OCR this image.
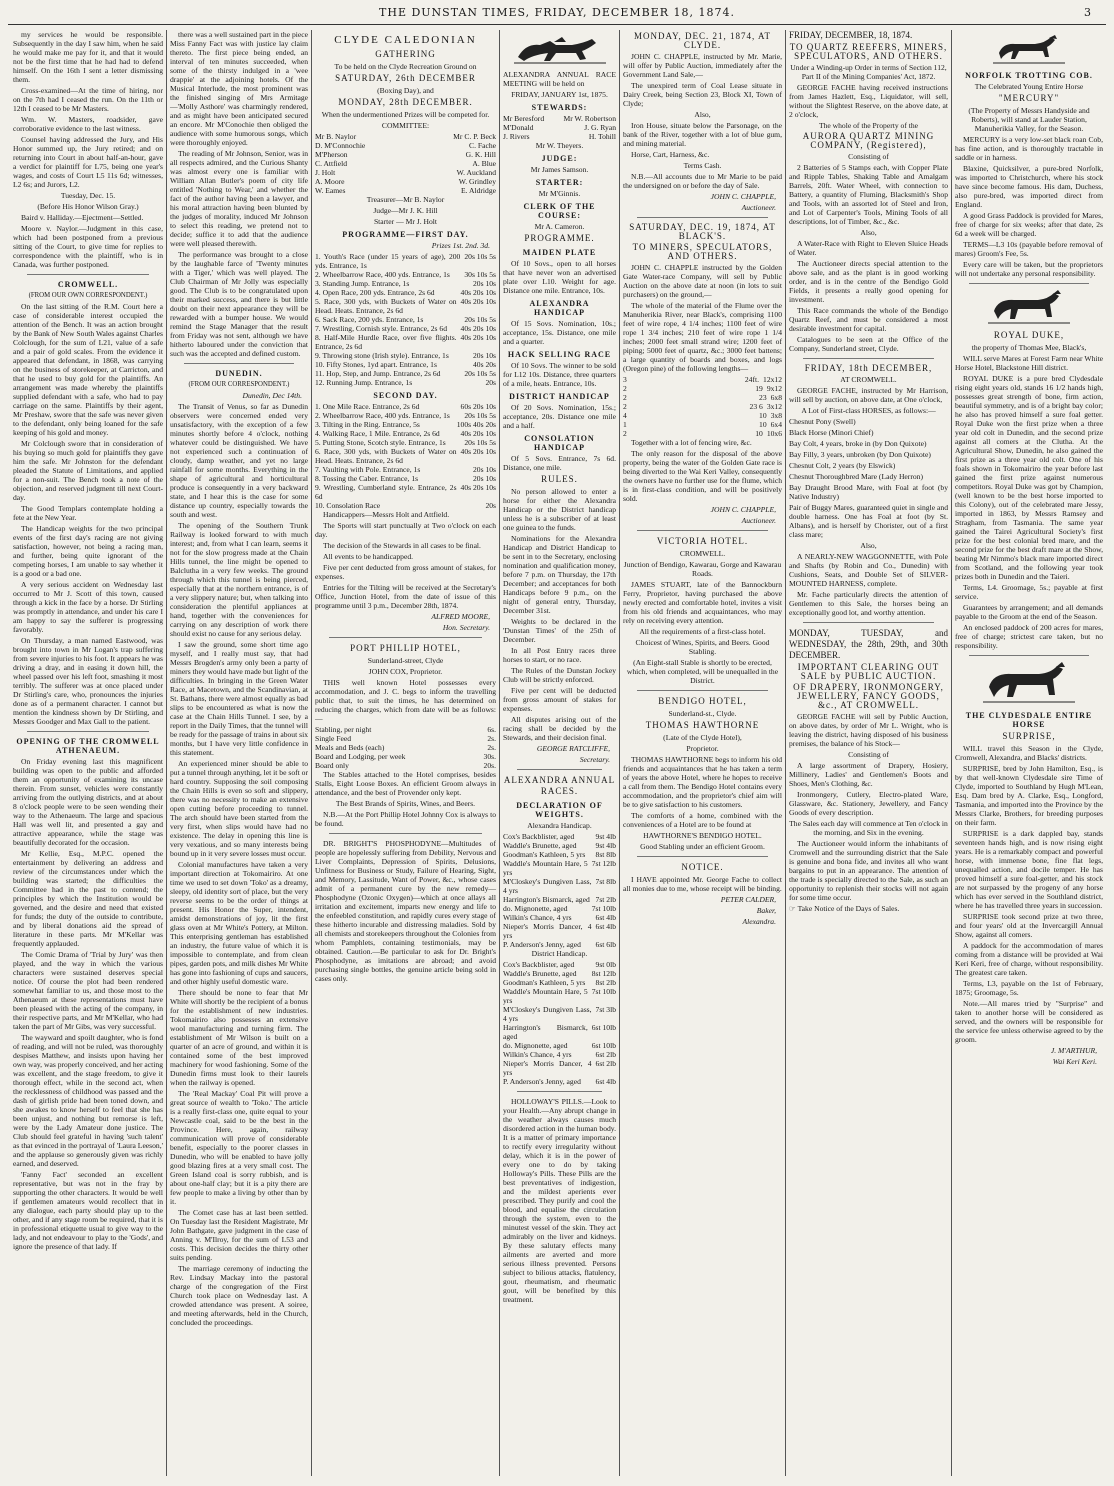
THE DUNSTAN TIMES, FRIDAY, DECEMBER 18, 1874.	3

my services he would be responsible. Subsequently in the day I saw him, when he said he would make me pay for it, and that it would not be the first time that he had had to defend himself. On the 16th I sent a letter dismissing them.

Cross-examined—At the time of hiring, nor on the 7th had I ceased the run. On the 11th or 12th I ceased to be Mr Masters.

Wm. W. Masters, roadsider, gave corroborative evidence to the last witness.

Counsel having addressed the Jury, and His Honor summed up, the Jury retired; and on returning into Court in about half-an-hour, gave a verdict for plaintiff for L75, being one year's wages, and costs of Court L5 11s 6d; witnesses, L2 6s; and Jurors, L2.

Tuesday, Dec. 15.

(Before His Honor Wilson Gray.)

Baird v. Halliday.—Ejectment—Settled.

Moore v. Naylor.—Judgment in this case, which had been postponed from a previous sitting of the Court, to give time for replies to correspondence with the plaintiff, who is in Canada, was further postponed.

CROMWELL.

(FROM OUR OWN CORRESPONDENT.)

On the last sitting of the R.M. Court here a case of considerable interest occupied the attention of the Bench. It was an action brought by the Bank of New South Wales against Charles Colclough, for the sum of L21, value of a safe and a pair of gold scales. From the evidence it appeared that defendant, in 1868, was carrying on the business of storekeeper, at Carricton, and that he used to buy gold for the plaintiffs. An arrangement was made whereby the plaintiffs supplied defendant with a safe, who had to pay carriage on the same. Plaintiffs by their agent, Mr Preshaw, swore that the safe was never given to the defendant, only being loaned for the safe keeping of his gold and money.

Mr Colclough swore that in consideration of his buying so much gold for plaintiffs they gave him the safe. Mr Johnston for the defendant pleaded the Statute of Limitations, and applied for a non-suit. The Bench took a note of the objection, and reserved judgment till next Court-day.

The Good Templars contemplate holding a fete at the New Year.

The Handicap weights for the two principal events of the first day's racing are not giving satisfaction, however, not being a racing man, and further, being quite ignorant of the competing horses, I am unable to say whether it is a good or a bad one.

A very serious accident on Wednesday last occurred to Mr J. Scott of this town, caused through a kick in the face by a horse. Dr Stirling was promptly in attendance, and under his care I am happy to say the sufferer is progressing favorably.

On Thursday, a man named Eastwood, was brought into town in Mr Logan's trap suffering from severe injuries to his foot. It appears he was driving a dray, and in easing it down hill, the wheel passed over his left foot, smashing it most terribly. The sufferer was at once placed under Dr Stirling's care, who, pronounces the injuries done as of a permanent character. I cannot but mention the kindness shown by Dr Stirling, and Messrs Goodger and Max Gall to the patient.

OPENING OF THE CROMWELL ATHENAEUM.

On Friday evening last this magnificent building was open to the public and afforded them an opportunity of examining its uncase therein. From sunset, vehicles were constantly arriving from the outlying districts, and at about 8 o'clock people were to be seen wending their way to the Athenaeum. The large and spacious Hall was well lit, and presented a gay and attractive appearance, while the stage was beautifully decorated for the occasion.

Mr Kellie, Esq., M.P.C. opened the entertainment by delivering an address and review of the circumstances under which the building was started; the difficulties the Committee had in the past to contend; the principles by which the Institution would be governed, and the desire and need that existed for funds; the duty of the outside to contribute, and by liberal donations aid the spread of literature in these parts. Mr M'Kellar was frequently applauded.

The Comic Drama of 'Trial by Jury' was then played, and the way in which the various characters were sustained deserves special notice. Of course the plot had been rendered somewhat familiar to us, and those most to the Athenaeum at these representations must have been pleased with the acting of the company, in their respective parts, and Mr M'Kellar, who had taken the part of Mr Gibs, was very successful.

The wayward and spoilt daughter, who is fond of reading, and will not be ruled, was thoroughly despises Matthew, and insists upon having her own way, was properly conceived, and her acting was excellent, and the stage freedom, to give it thorough effect, while in the second act, when the recklessness of childhood was passed and the dash of girlish pride had been toned down, and she awakes to know herself to feel that she has been unjust, and nothing but remorse is left, were by the Lady Amateur done justice. The Club should feel grateful in having 'such talent' as that evinced in the portrayal of 'Laura Leeson,' and the applause so generously given was richly earned, and deserved.

'Fanny Fact' seconded an excellent representative, but was not in the fray by supporting the other characters. It would be well if gentlemen amateurs would recollect that in any dialogue, each party should play up to the other, and if any stage room be required, that it is in professional etiquette usual to give way to the lady, and not endeavour to play to the 'Gods', and ignore the presence of that lady. If

there was a well sustained part in the piece Miss Fanny Fact was with justice lay claim thereto. The first piece being ended, an interval of ten minutes succeeded, when some of the thirsty indulged in a 'wee drappie' at the adjoining hotels. Of the Musical Interlude, the most prominent was the finished singing of Mrs Armitage—'Molly Asthore' was charmingly rendered, and as might have been anticipated secured an encore. Mr M'Conochie then obliged the audience with some humorous songs, which were thoroughly enjoyed.

The reading of Mr Johnson, Senior, was in all respects admired, and the Curious Shanty was almost every one is familiar with William Allan Butler's poem of city life entitled 'Nothing to Wear,' and whether the fact of the author having been a lawyer, and his moral attraction having been blunted by the judges of morality, induced Mr Johnson to select this reading, we pretend not to decide; suffice it to add that the audience were well pleased therewith.

The performance was brought to a close by the laughable farce of 'Twenty minutes with a Tiger,' which was well played. The Club Chairman of Mr Jolly was especially good. The Club is to be congratulated upon their marked success, and there is but little doubt on their next appearance they will be rewarded with a bumper house. We would remind the Stage Manager that the result from Friday was not sent, although we have hitherto laboured under the conviction that such was the accepted and defined custom.

DUNEDIN.

(FROM OUR CORRESPONDENT.)

Dunedin, Dec 14th.

The Transit of Venus, so far as Dunedin observers were concerned ended very unsatisfactory, with the exception of a few minutes shortly before 4 o'clock, nothing whatever could be distinguished. We have not experienced such a continuation of cloudy, damp weather, and yet no large rainfall for some months. Everything in the shape of agricultural and horticultural produce is consequently in a very backward state, and I hear this is the case for some distance up country, especially towards the south and west.

The opening of the Southern Trunk Railway is looked forward to with much interest; and, from what I can learn, seems it not for the slow progress made at the Chain Hills tunnel, the line might be opened to Balclutha in a very few weeks. The ground through which this tunnel is being pierced, especially that at the northern entrance, is of a very slippery nature; but, when talking into consideration the plentiful appliances at hand, together with the conveniences for carrying on any description of work there should exist no cause for any serious delay.

I saw the ground, some short time ago myself, and I really must say, that had Messrs Brogden's army only been a party of miners they would have made but light of the difficulties. In bringing in the Green Water Race, at Macetown, and the Scandinavian, at St. Bathans, there were almost equally as bad slips to be encountered as what is now the case at the Chain Hills Tunnel. I see, by a report in the Daily Times, that the tunnel will be ready for the passage of trains in about six months, but I have very little confidence in this statement.

An experienced miner should be able to put a tunnel through anything, let it be soft or hard country. Supposing the soil composing the Chain Hills is even so soft and slippery, there was no necessity to make an extensive open cutting before proceeding to tunnel. The arch should have been started from the very first, when slips would have had no existence. The delay in opening this line is very vexatious, and so many interests being bound up in it very severe losses must occur.

Colonial manufactures have taken a very important direction at Tokomairiro. At one time we used to set down 'Toko' as a dreamy, sleepy, old identity sort of place, but the very reverse seems to be the order of things at present. His Honor the Super, intendent, amidst demonstrations of joy, lit the first glass oven at Mr White's Pottery, at Milton. This enterprising gentleman has established an industry, the future value of which it is impossible to contemplate, and from clean pipes, garden pots, and milk dishes Mr White has gone into fashioning of cups and saucers, and other highly useful domestic ware.

There should be none to fear that Mr White will shortly be the recipient of a bonus for the establishment of new industries. Tokomairiro also possesses an extensive wool manufacturing and turning firm. The establishment of Mr Wilson is built on a quarter of an acre of ground, and within it is contained some of the best improved machinery for wood fashioning. Some of the Dunedin firms must look to their laurels when the railway is opened.

The 'Real Mackay' Coal Pit will prove a great source of wealth to 'Toko.' The article is a really first-class one, quite equal to your Newcastle coal, said to be the best in the Province. Here, again, railway communication will prove of considerable benefit, especially to the poorer classes in Dunedin, who will be enabled to have jolly good blazing fires at a very small cost. The Green Island coal is sorry rubbish, and is about one-half clay; but it is a pity there are few people to make a living by other than by it.

The Comet case has at last been settled. On Tuesday last the Resident Magistrate, Mr John Bathgate, gave judgment in the case of Anning v. M'Ilroy, for the sum of L53 and costs. This decision decides the thirty other suits pending.

The marriage ceremony of inducting the Rev. Lindsay Mackay into the pastoral charge of the congregation of the First Church took place on Wednesday last. A crowded attendance was present. A soiree, and meeting afterwards, held in the Church, concluded the proceedings.

CLYDE CALEDONIAN

GATHERING

To be held on the Clyde Recreation Ground on

SATURDAY, 26th DECEMBER

(Boxing Day), and

MONDAY, 28th DECEMBER.

When the undermentioned Prizes will be competed for.

COMMITTEE:

Mr B. Naylor	Mr C. P. Beck
D. M'Connochie	C. Fache
M'Pherson	G. K. Hill
C. Attfield	A. Blue
J. Holt	W. Auckland
A. Moore	W. Grindley
W. Eames	E. Aldridge

Treasurer—Mr B. Naylor

Judge—Mr J. K. Hill

Starter — Mr J. Holt

PROGRAMME—FIRST DAY.

Prizes 1st. 2nd. 3d.

1. Youth's Race (under 15 years of age), 200 yds. Entrance, 1s
20s 10s 5s
2. Wheelbarrow Race, 400 yds. Entrance, 1s	30s 10s 5s
3. Standing Jump. Entrance, 1s	20s 10s
4. Open Race, 200 yds. Entrance, 2s 6d	40s 20s 10s
5. Race, 300 yds, with Buckets of Water on Head. Heats. Entrance, 2s 6d
40s 20s 10s
6. Sack Race, 200 yds. Entrance, 1s	20s 10s 5s
7. Wrestling, Cornish style. Entrance, 2s 6d	40s 20s 10s
8. Half-Mile Hurdle Race, over five flights. Entrance, 2s 6d
40s 20s 10s
9. Throwing stone (Irish style). Entrance, 1s	20s 10s
10. Fifty Stones, 1yd apart. Entrance, 1s	40s 20s
11. Hop, Step, and Jump. Entrance, 2s 6d	20s 10s 5s
12. Running Jump. Entrance, 1s	20s

SECOND DAY.

1. One Mile Race. Entrance, 2s 6d	60s 20s 10s
2. Wheelbarrow Race, 400 yds. Entrance, 1s	20s 10s 5s
3. Tilting in the Ring. Entrance, 5s	100s 40s 20s
4. Walking Race, 1 Mile. Entrance, 2s 6d	40s 20s 10s
5. Putting Stone, Scotch style. Entrance, 1s	20s 10s 5s
6. Race, 300 yds, with Buckets of Water on Head. Heats. Entrance, 2s 6d
40s 20s 10s
7. Vaulting with Pole. Entrance, 1s	20s 10s
8. Tossing the Caber. Entrance, 1s	20s 10s
9. Wrestling, Cumberland style. Entrance, 2s 6d
40s 20s 10s
10. Consolation Race	20s

Handicappers—Messrs Holt and Attfield.

The Sports will start punctually at Two o'clock on each day.

The decision of the Stewards in all cases to be final.

All events to be handicapped.

Five per cent deducted from gross amount of stakes, for expenses.

Entries for the Tilting will be received at the Secretary's Office, Junction Hotel, from the date of issue of this programme until 3 p.m., December 28th, 1874.

ALFRED MOORE,

Hon. Secretary.

PORT PHILLIP HOTEL,

Sunderland-street, Clyde

JOHN COX, Proprietor.

THIS well known Hotel possesses every accommodation, and J. C. begs to inform the travelling public that, to suit the times, he has determined on reducing the charges, which from date will be as follows:—

Stabling, per night	6s.
Single Feed	2s.
Meals and Beds (each)	2s.
Board and Lodging, per week	30s.
Board only	20s.

The Stables attached to the Hotel comprises, besides Stalls, Eight Loose Boxes. An efficient Groom always in attendance, and the best of Provender only kept.

The Best Brands of Spirits, Wines, and Beers.

N.B.—At the Port Phillip Hotel Johnny Cox is always to be found.

DR. BRIGHT'S PHOSPHODYNE—Multitudes of people are hopelessly suffering from Debility, Nervous and Liver Complaints, Depression of Spirits, Delusions, Unfitness for Business or Study, Failure of Hearing, Sight, and Memory, Lassitude, Want of Power, &c., whose cases admit of a permanent cure by the new remedy—Phosphodyne (Ozonic Oxygen)—which at once allays all irritation and excitement, imparts new energy and life to the enfeebled constitution, and rapidly cures every stage of these hitherto incurable and distressing maladies. Sold by all chemists and storekeepers throughout the Colonies from whom Pamphlets, containing testimonials, may be obtained. Caution.—Be particular to ask for Dr. Bright's Phosphodyne, as imitations are abroad; and avoid purchasing single bottles, the genuine article being sold in cases only.

ALEXANDRA ANNUAL RACE MEETING will be held on

FRIDAY, JANUARY 1st, 1875.

STEWARDS:

Mr Beresford	Mr W. Robertson
M'Donald	J. G. Ryan
J. Rivers	H. Tohill

Mr W. Theyers.

JUDGE:

Mr James Samson.

STARTER:

Mr M'Ginnis.

CLERK OF THE COURSE:

Mr A. Cameron.

PROGRAMME.

MAIDEN PLATE

Of 10 Sovs., open to all horses that have never won an advertised plate over L10. Weight for age. Distance one mile. Entrance, 10s.

ALEXANDRA HANDICAP

Of 15 Sovs. Nomination, 10s.; acceptance, 15s. Distance, one mile and a quarter.

HACK SELLING RACE

Of 10 Sovs. The winner to be sold for L12 10s. Distance, three quarters of a mile, heats. Entrance, 10s.

DISTRICT HANDICAP

Of 20 Sovs. Nomination, 15s.; acceptance, 20s. Distance one mile and a half.

CONSOLATION HANDICAP

Of 5 Sovs. Entrance, 7s 6d. Distance, one mile.

RULES.

No person allowed to enter a horse for either the Alexandra Handicap or the District handicap unless he is a subscriber of at least one guinea to the funds.

Nominations for the Alexandra Handicap and District Handicap to be sent in to the Secretary, enclosing nomination and qualification money, before 7 p.m. on Thursday, the 17th December; and acceptances for both Handicaps before 9 p.m., on the night of general entry, Thursday, December 31st.

Weights to be declared in the 'Dunstan Times' of the 25th of December.

In all Post Entry races three horses to start, or no race.

The Rules of the Dunstan Jockey Club will be strictly enforced.

Five per cent will be deducted from gross amount of stakes for expenses.

All disputes arising out of the racing shall be decided by the Stewards, and their decision final.

GEORGE RATCLIFFE,

Secretary.

ALEXANDRA ANNUAL RACES.

DECLARATION OF WEIGHTS.

Alexandra Handicap.

Cox's Backblister, aged	9st 4lb
Waddle's Brunette, aged	9st 4lb
Goodman's Kathleen, 5 yrs	8st 8lb
Waddle's Mountain Hare, 5 yrs
7st 12lb
M'Closkey's Dungiven Lass, 4 yrs
7st 8lb
Harrington's Bismarck, aged 7st 2lb
do. Mignonette, aged	7st 10lb
Wilkin's Chance, 4 yrs	6st 4lb
Nieper's Morris Dancer, 4 yrs
6st 4lb
P. Anderson's Jenny, aged	6st 6lb

District Handicap.

Cox's Backblister, aged	9st 0lb
Waddle's Brunette, aged	8st 12lb
Goodman's Kathleen, 5 yrs	8st 2lb
Waddle's Mountain Hare, 5 yrs
7st 10lb
M'Closkey's Dungiven Lass, 4 yrs
7st 3lb
Harrington's Bismarck, aged
6st 10lb
do. Mignonette, aged	6st 10lb
Wilkin's Chance, 4 yrs	6st 2lb
Nieper's Morris Dancer, 4 yrs
6st 2lb
P. Anderson's Jenny, aged	6st 4lb

HOLLOWAY'S PILLS.—Look to your Health.—Any abrupt change in the weather always causes much disordered action in the human body. It is a matter of primary importance to rectify every irregularity without delay, which it is in the power of every one to do by taking Holloway's Pills. These Pills are the best preventatives of indigestion, and the mildest aperients ever prescribed. They purify and cool the blood, and equalise the circulation through the system, even to the minutest vessel of the skin. They act admirably on the liver and kidneys. By these salutary effects many ailments are averted and more serious illness prevented. Persons subject to bilious attacks, flatulency, gout, rheumatism, and rheumatic gout, will be benefited by this treatment.

MONDAY, DEC. 21, 1874, AT CLYDE.

JOHN C. CHAPPLE, instructed by Mr. Marie, will offer by Public Auction, immediately after the Government Land Sale,—

The unexpired term of Coal Lease situate in Dairy Creek, being Section 23, Block XI, Town of Clyde;

Also,

Iron House, situate below the Parsonage, on the bank of the River, together with a lot of blue gum, and mining material.

Horse, Cart, Harness, &c.

Terms Cash.

N.B.—All accounts due to Mr Marie to be paid the undersigned on or before the day of Sale.

JOHN C. CHAPPLE,

Auctioneer.

SATURDAY, DEC. 19, 1874, AT BLACK'S.

TO MINERS, SPECULATORS, AND OTHERS.

JOHN C. CHAPPLE instructed by the Golden Gate Water-race Company, will sell by Public Auction on the above date at noon (in lots to suit purchasers) on the ground,—

The whole of the material of the Flume over the Manuherikia River, near Black's, comprising 1100 feet of wire rope, 4 1/4 inches; 1100 feet of wire rope 1 3/4 inches; 210 feet of wire rope 1 1/4 inches; 2000 feet small strand wire; 1200 feet of piping; 5000 feet of quartz, &c.; 3000 feet battens; a large quantity of boards and boxes, and logs (Oregon pine) of the following lengths—

3	24ft. 12x12
2	19 9x12
2	23 6x8
2	23 6 3x12
4	10 3x8
1	10 6x4
2	10 10x6

Together with a lot of fencing wire, &c.

The only reason for the disposal of the above property, being the water of the Golden Gate race is being diverted to the Wai Keri Valley, consequently the owners have no further use for the flume, which is in first-class condition, and will be positively sold.

JOHN C. CHAPPLE,

Auctioneer.

VICTORIA HOTEL.

CROMWELL.

Junction of Bendigo, Kawarau, Gorge and Kawarau Roads.

JAMES STUART, late of the Bannockburn Ferry, Proprietor, having purchased the above newly erected and comfortable hotel, invites a visit from his old friends and acquaintances, who may rely on receiving every attention.

All the requirements of a first-class hotel.

Choicest of Wines, Spirits, and Beers. Good Stabling.

(An Eight-stall Stable is shortly to be erected, which, when completed, will be unequalled in the District.

BENDIGO HOTEL,

Sunderland-st., Clyde.

THOMAS HAWTHORNE

(Late of the Clyde Hotel),

Proprietor.

THOMAS HAWTHORNE begs to inform his old friends and acquaintances that he has taken a term of years the above Hotel, where he hopes to receive a call from them. The Bendigo Hotel contains every accommodation, and the proprietor's chief aim will be to give satisfaction to his customers.

The comforts of a home, combined with the conveniences of a Hotel are to be found at

HAWTHORNE'S BENDIGO HOTEL.

Good Stabling under an efficient Groom.

NOTICE.

I HAVE appointed Mr. George Fache to collect all monies due to me, whose receipt will be binding.

PETER CALDER,

Baker,

Alexandra.

FRIDAY, DECEMBER, 18, 1874.

TO QUARTZ REEFERS, MINERS, SPECULATORS, AND OTHERS.

Under a Winding-up Order in terms of Section 112, Part II of the Mining Companies' Act, 1872.

GEORGE FACHE having received instructions from James Hazlett, Esq., Liquidator, will sell, without the Slightest Reserve, on the above date, at 2 o'clock,

The whole of the Property of the

AURORA QUARTZ MINING COMPANY, (Registered),

Consisting of

2 Batteries of 5 Stamps each, with Copper Plate and Ripple Tables, Shaking Table and Amalgam Barrels, 20ft. Water Wheel, with connection to Battery, a quantity of Fluming, Blacksmith's Shop and Tools, with an assorted lot of Steel and Iron, and Lot of Carpenter's Tools, Mining Tools of all descriptions, lot of Timber, &c., &c.

Also,

A Water-Race with Right to Eleven Sluice Heads of Water.

The Auctioneer directs special attention to the above sale, and as the plant is in good working order, and is in the centre of the Bendigo Gold Fields, it presents a really good opening for investment.

This Race commands the whole of the Bendigo Quartz Reef, and must be considered a most desirable investment for capital.

Catalogues to be seen at the Office of the Company, Sunderland street, Clyde.

FRIDAY, 18th DECEMBER,

AT CROMWELL.

GEORGE FACHE, instructed by Mr Harrison, will sell by auction, on above date, at One o'clock,

A Lot of First-class HORSES, as follows:—

Chesnut Pony (Swell)

Black Horse (Minori Chief)

Bay Colt, 4 years, broke in (by Don Quixote)

Bay Filly, 3 years, unbroken (by Don Quixote)

Chesnut Colt, 2 years (by Elswick)

Chesnut Thoroughbred Mare (Lady Herron)

Bay Draught Brood Mare, with Foal at foot (by Native Industry)

Pair of Buggy Mares, guaranteed quiet in single and double harness. One has Foal at foot (by St. Albans), and is herself by Chorister, out of a first class mare;

Also,

A NEARLY-NEW WAGGONNETTE, with Pole and Shafts (by Robin and Co., Dunedin) with Cushions, Seats, and Double Set of SILVER-MOUNTED HARNESS, complete.

Mr. Fache particularly directs the attention of Gentlemen to this Sale, the horses being an exceptionally good lot, and worthy attention.

MONDAY, TUESDAY, and WEDNESDAY, the 28th, 29th, and 30th DECEMBER.

IMPORTANT CLEARING OUT SALE by PUBLIC AUCTION.

OF DRAPERY, IRONMONGERY, JEWELLERY, FANCY GOODS, &c., AT CROMWELL.

GEORGE FACHE will sell by Public Auction, on above dates, by order of Mr L. Wright, who is leaving the district, having disposed of his business premises, the balance of his Stock—

Consisting of

A large assortment of Drapery, Hosiery, Millinery, Ladies' and Gentlemen's Boots and Shoes, Men's Clothing, &c.

Ironmongery, Cutlery, Electro-plated Ware, Glassware, &c. Stationery, Jewellery, and Fancy Goods of every description.

The Sales each day will commence at Ten o'clock in the morning, and Six in the evening.

The Auctioneer would inform the inhabitants of Cromwell and the surrounding district that the Sale is genuine and bona fide, and invites all who want bargains to put in an appearance. The attention of the trade is specially directed to the Sale, as such an opportunity to replenish their stocks will not again for some time occur.

☞ Take Notice of the Days of Sales.

NORFOLK TROTTING COB.

The Celebrated Young Entire Horse

"MERCURY"

(The Property of Messrs Handyside and Roberts), will stand at Lauder Station, Manuherikia Valley, for the Season.

MERCURY is a very low-set black roan Cob, has fine action, and is thoroughly tractable in saddle or in harness.

Blaxine, Quicksilver, a pure-bred Norfolk, was imported to Christchurch, where his stock have since become famous. His dam, Duchess, also pure-bred, was imported direct from England.

A good Grass Paddock is provided for Mares, free of charge for six weeks; after that date, 2s 6d a week will be charged.

TERMS—L3 10s (payable before removal of mares) Groom's Fee, 5s.

Every care will be taken, but the proprietors will not undertake any personal responsibility.

ROYAL DUKE,

the property of Thomas Mee, Black's,

WILL serve Mares at Forest Farm near White Horse Hotel, Blackstone Hill district.

ROYAL DUKE is a pure bred Clydesdale rising eight years old, stands 16 1/2 hands high, possesses great strength of bone, firm action, beautiful symmetry, and is of a bright bay color; he also has proved himself a sure foal getter. Royal Duke won the first prize when a three year old colt in Dunedin, and the second prize against all comers at the Clutha. At the Agricultural Show, Dunedin, he also gained the first prize as a three year old colt. One of his foals shown in Tokomairiro the year before last gained the first prize against numerous competitors. Royal Duke was got by Champion, (well known to be the best horse imported to this Colony), out of the celebrated mare Jessy, imported in 1863, by Messrs Ramsey and Stragham, from Tasmania. The same year gained the Tairei Agricultural Society's first prize for the best colonial bred mare, and the second prize for the best draft mare at the Show, beating Mr Nimmo's black mare imported direct from Scotland, and the following year took prizes both in Dunedin and the Taieri.

Terms, L4. Groomage, 5s.; payable at first service.

Guarantees by arrangement; and all demands payable to the Groom at the end of the Season.

An enclosed paddock of 200 acres for mares, free of charge; strictest care taken, but no responsibility.

THE CLYDESDALE ENTIRE HORSE

SURPRISE,

WILL travel this Season in the Clyde, Cromwell, Alexandra, and Blacks' districts.

SURPRISE, bred by John Hamilton, Esq., is by that well-known Clydesdale sire Time of Clyde, imported to Southland by Hugh M'Lean, Esq. Dam bred by A. Clarke, Esq., Longford, Tasmania, and imported into the Province by the Messrs Clarke, Brothers, for breeding purposes on their farm.

SURPRISE is a dark dappled bay, stands seventeen hands high, and is now rising eight years. He is a remarkably compact and powerful horse, with immense bone, fine flat legs, unequalled action, and docile temper. He has proved himself a sure foal-getter, and his stock are not surpassed by the progeny of any horse which has ever served in the Southland district, where he has travelled three years in succession.

SURPRISE took second prize at two three, and four years' old at the Invercargill Annual Show, against all comers.

A paddock for the accommodation of mares coming from a distance will be provided at Wai Keri Keri, free of charge, without responsibility. The greatest care taken.

Terms, L3, payable on the 1st of February, 1875; Groomage, 5s.

Note.—All mares tried by "Surprise" and taken to another horse will be considered as served, and the owners will be responsible for the service fee unless otherwise agreed to by the groom.

J. M'ARTHUR,

Wai Keri Keri.
